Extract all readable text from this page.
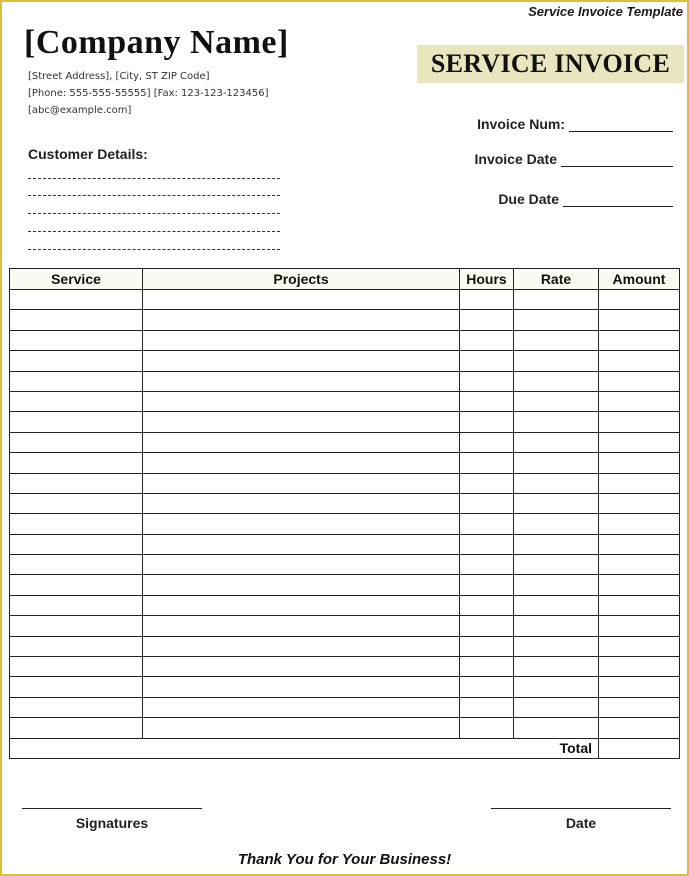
Service Invoice Template
[Company Name]
[Street Address], [City, ST ZIP Code]
[Phone: 555-555-55555] [Fax: 123-123-123456]
[abc@example.com]
SERVICE INVOICE
Invoice Num:
Invoice Date
Due Date
Customer Details:
Service	Projects	Hours	Rate	Amount

Total				
Signatures	Date
Thank You for Your Business!
